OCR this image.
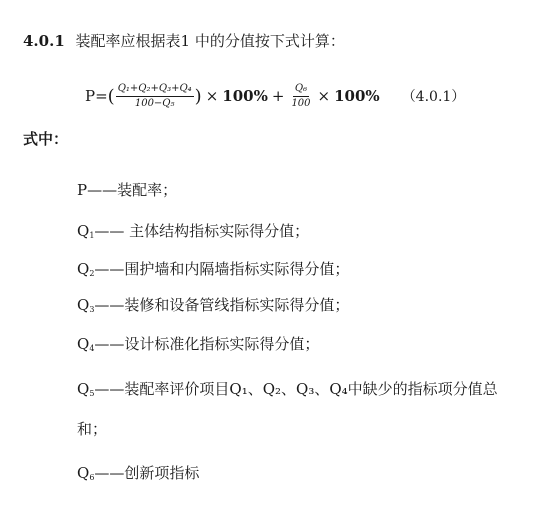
4.0.1 装配率应根据表1 中的分值按下式计算：
P= ( $\frac{\text{Q₁+Q₂+Q₃+Q₄}}{\text{100−Q₅}}$ ) × $100\% + \frac{\text{Q₆}}{100} \times 100\%$ （4.0.1）
式中：
P——装配率；
$Q_1——$ 主体结构指标实际得分值；
$Q_2——$围护墙和内隔墙指标实际得分值；
$Q_3——$装修和设备管线指标实际得分值；
$Q_4——$设计标准化指标实际得分值；
$Q_5——$装配率评价项目Q₁、Q₂、Q₃、Q₄中缺少的指标项分值总
和；
$Q_6——$创新项指标
